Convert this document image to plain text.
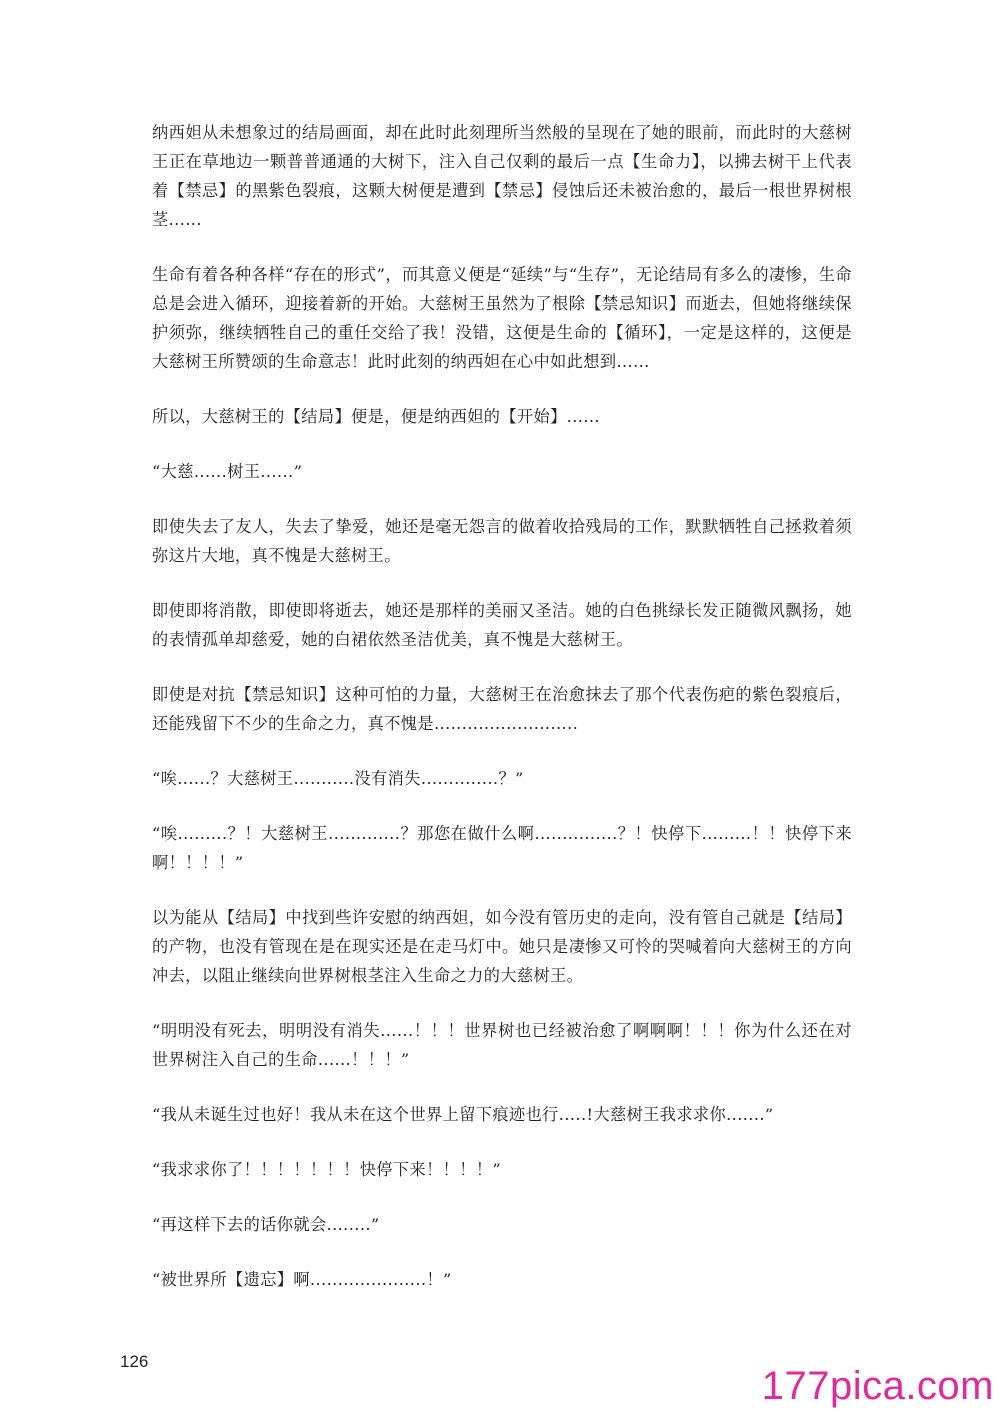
纳西妲从未想象过的结局画面，却在此时此刻理所当然般的呈现在了她的眼前，而此时的大慈树王正在草地边一颗普普通通的大树下，注入自己仅剩的最后一点【生命力】，以拂去树干上代表着【禁忌】的黑紫色裂痕，这颗大树便是遭到【禁忌】侵蚀后还未被治愈的，最后一根世界树根茎......

生命有着各种各样“存在的形式”，而其意义便是“延续”与“生存”，无论结局有多么的凄惨，生命总是会进入循环，迎接着新的开始。大慈树王虽然为了根除【禁忌知识】而逝去，但她将继续保护须弥，继续牺牲自己的重任交给了我！没错，这便是生命的【循环】，一定是这样的，这便是大慈树王所赞颂的生命意志！此时此刻的纳西妲在心中如此想到......

所以，大慈树王的【结局】便是，便是纳西妲的【开始】......

“大慈......树王......”

即使失去了友人，失去了挚爱，她还是毫无怨言的做着收拾残局的工作，默默牺牲自己拯救着须弥这片大地，真不愧是大慈树王。

即使即将消散，即使即将逝去，她还是那样的美丽又圣洁。她的白色挑绿长发正随微风飘扬，她的表情孤单却慈爱，她的白裙依然圣洁优美，真不愧是大慈树王。

即使是对抗【禁忌知识】这种可怕的力量，大慈树王在治愈抹去了那个代表伤疤的紫色裂痕后，还能残留下不少的生命之力，真不愧是..........................

“唉......？大慈树王...........没有消失..............？”

“唉.........？！大慈树王.............？那您在做什么啊...............？！快停下.........！！快停下来啊！！！！”

以为能从【结局】中找到些许安慰的纳西妲，如今没有管历史的走向，没有管自己就是【结局】的产物，也没有管现在是在现实还是在走马灯中。她只是凄惨又可怜的哭喊着向大慈树王的方向冲去，以阻止继续向世界树根茎注入生命之力的大慈树王。

“明明没有死去，明明没有消失......！！！世界树也已经被治愈了啊啊啊！！！你为什么还在对世界树注入自己的生命......！！！”

“我从未诞生过也好！我从未在这个世界上留下痕迹也行.....!大慈树王我求求你.......”

“我求求你了！！！！！！！快停下来！！！！”

“再这样下去的话你就会........”

“被世界所【遗忘】啊.....................！”

126
177pica.com
